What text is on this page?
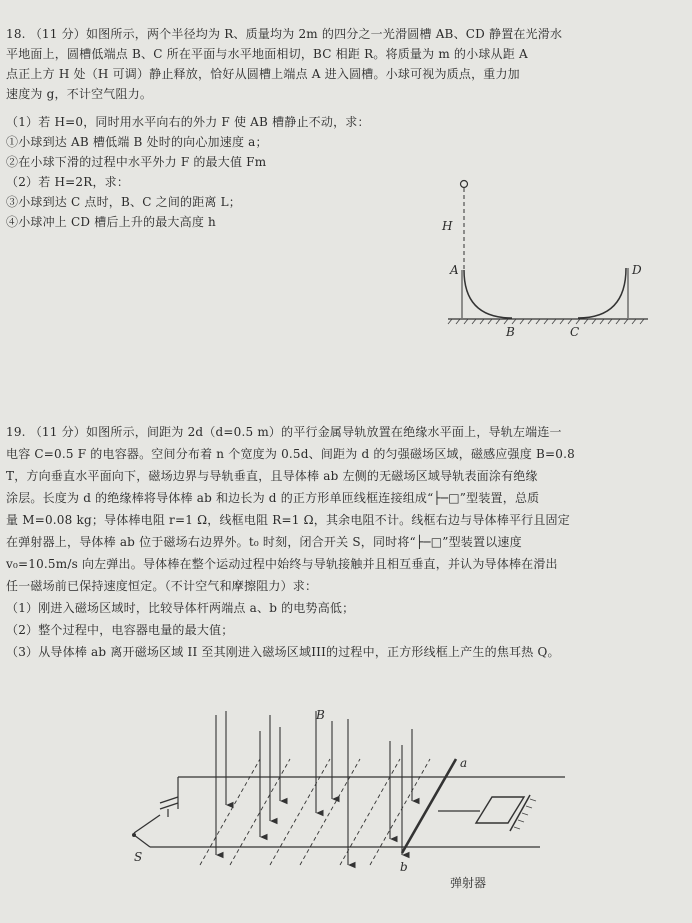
18. （11 分）如图所示，两个半径均为 R、质量均为 2m 的四分之一光滑圆槽 AB、CD 静置在光滑水
平地面上，圆槽低端点 B、C 所在平面与水平地面相切，BC 相距 R。将质量为 m 的小球从距 A
点正上方 H 处（H 可调）静止释放，恰好从圆槽上端点 A 进入圆槽。小球可视为质点，重力加
速度为 g，不计空气阻力。
（1）若 H=0，同时用水平向右的外力 F 使 AB 槽静止不动，求：
①小球到达 AB 槽低端 B 处时的向心加速度 a；
②在小球下滑的过程中水平外力 F 的最大值 Fm
（2）若 H=2R，求：
③小球到达 C 点时，B、C 之间的距离 L；
④小球冲上 CD 槽后上升的最大高度 h	H
A
B	C
D
19. （11 分）如图所示，间距为 2d（d=0.5 m）的平行金属导轨放置在绝缘水平面上，导轨左端连一
电容 C=0.5 F 的电容器。空间分布着 n 个宽度为 0.5d、间距为 d 的匀强磁场区域，磁感应强度 B=0.8
T，方向垂直水平面向下，磁场边界与导轨垂直，且导体棒 ab 左侧的无磁场区域导轨表面涂有绝缘
涂层。长度为 d 的绝缘棒将导体棒 ab 和边长为 d 的正方形单匝线框连接组成“├─□”型装置，总质
量 M=0.08 kg；导体棒电阻 r=1 Ω，线框电阻 R=1 Ω，其余电阻不计。线框右边与导体棒平行且固定
在弹射器上，导体棒 ab 位于磁场右边界外。t₀ 时刻，闭合开关 S，同时将“├─□”型装置以速度
v₀=10.5m/s 向左弹出。导体棒在整个运动过程中始终与导轨接触并且相互垂直，并认为导体棒在滑出
任一磁场前已保持速度恒定。（不计空气和摩擦阻力）求：
（1）刚进入磁场区域时，比较导体杆两端点 a、b 的电势高低；
（2）整个过程中，电容器电量的最大值；
（3）从导体棒 ab 离开磁场区域 II 至其刚进入磁场区域III的过程中，正方形线框上产生的焦耳热 Q。
S
B
a
b
弹射器
